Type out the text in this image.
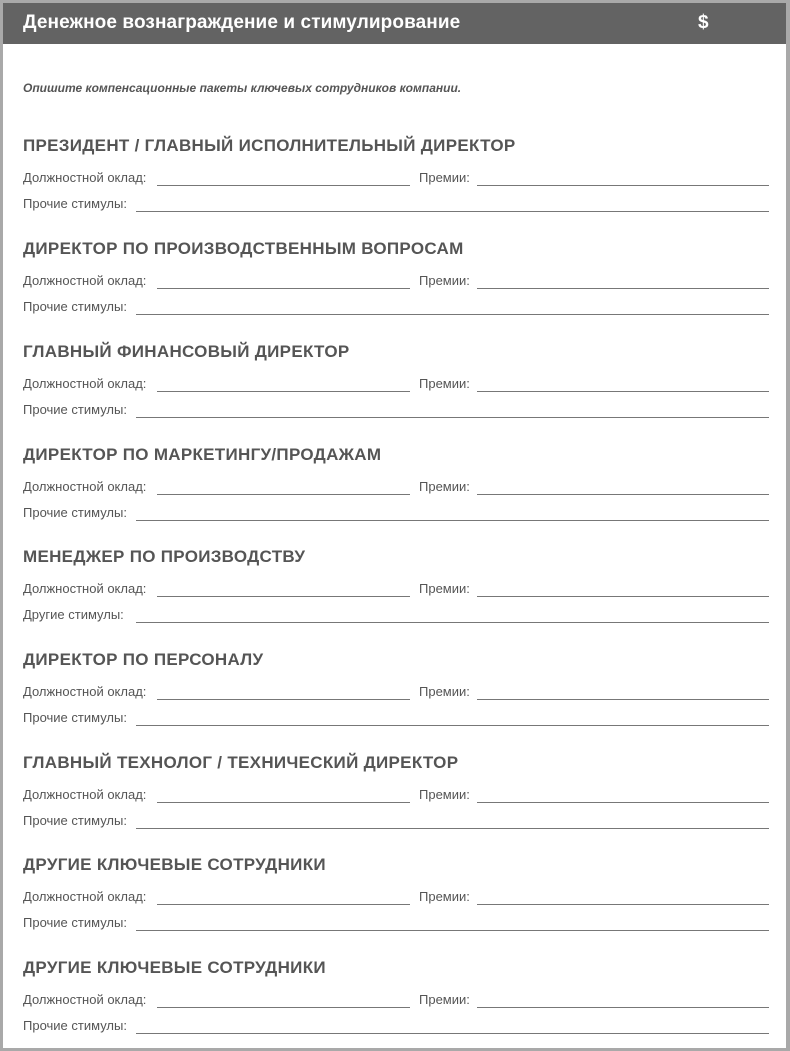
Денежное вознаграждение и стимулирование	$
Опишите компенсационные пакеты ключевых сотрудников компании.
ПРЕЗИДЕНТ / ГЛАВНЫЙ ИСПОЛНИТЕЛЬНЫЙ ДИРЕКТОР
Должностной оклад:	Премии:
Прочие стимулы:
ДИРЕКТОР ПО ПРОИЗВОДСТВЕННЫМ ВОПРОСАМ
Должностной оклад:	Премии:
Прочие стимулы:
ГЛАВНЫЙ ФИНАНСОВЫЙ ДИРЕКТОР
Должностной оклад:	Премии:
Прочие стимулы:
ДИРЕКТОР ПО МАРКЕТИНГУ/ПРОДАЖАМ
Должностной оклад:	Премии:
Прочие стимулы:
МЕНЕДЖЕР ПО ПРОИЗВОДСТВУ
Должностной оклад:	Премии:
Другие стимулы:
ДИРЕКТОР ПО ПЕРСОНАЛУ
Должностной оклад:	Премии:
Прочие стимулы:
ГЛАВНЫЙ ТЕХНОЛОГ / ТЕХНИЧЕСКИЙ ДИРЕКТОР
Должностной оклад:	Премии:
Прочие стимулы:
ДРУГИЕ КЛЮЧЕВЫЕ СОТРУДНИКИ
Должностной оклад:	Премии:
Прочие стимулы:
ДРУГИЕ КЛЮЧЕВЫЕ СОТРУДНИКИ
Должностной оклад:	Премии:
Прочие стимулы:
